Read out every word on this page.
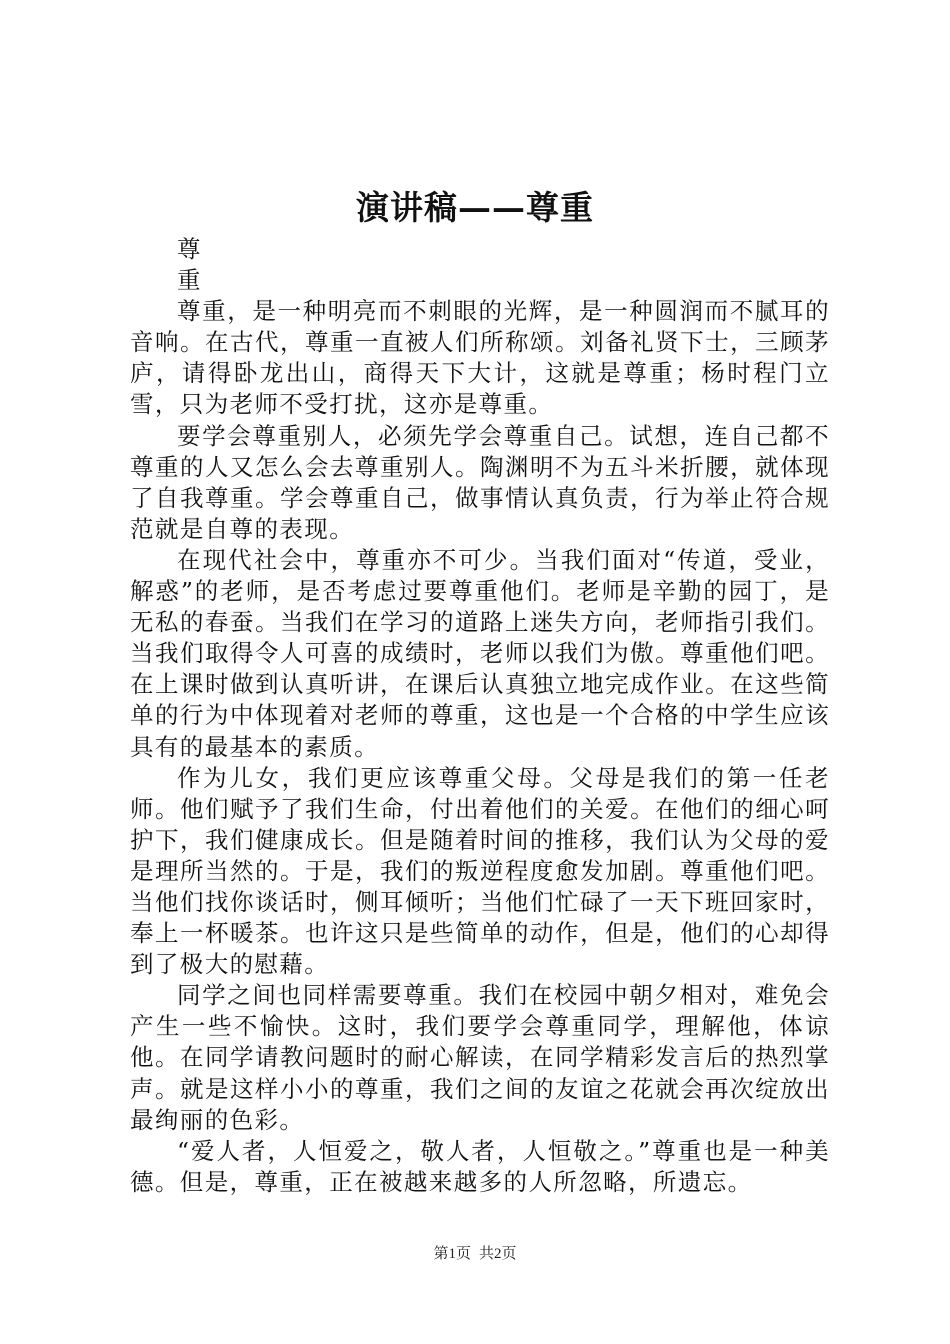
演讲稿——尊重

尊

重

尊重，是一种明亮而不刺眼的光辉，是一种圆润而不腻耳的音响。在古代，尊重一直被人们所称颂。刘备礼贤下士，三顾茅庐，请得卧龙出山，商得天下大计，这就是尊重；杨时程门立雪，只为老师不受打扰，这亦是尊重。

要学会尊重别人，必须先学会尊重自己。试想，连自己都不尊重的人又怎么会去尊重别人。陶渊明不为五斗米折腰，就体现了自我尊重。学会尊重自己，做事情认真负责，行为举止符合规范就是自尊的表现。

在现代社会中，尊重亦不可少。当我们面对“传道，受业，解惑”的老师，是否考虑过要尊重他们。老师是辛勤的园丁，是无私的春蚕。当我们在学习的道路上迷失方向，老师指引我们。当我们取得令人可喜的成绩时，老师以我们为傲。尊重他们吧。在上课时做到认真听讲，在课后认真独立地完成作业。在这些简单的行为中体现着对老师的尊重，这也是一个合格的中学生应该具有的最基本的素质。

作为儿女，我们更应该尊重父母。父母是我们的第一任老师。他们赋予了我们生命，付出着他们的关爱。在他们的细心呵护下，我们健康成长。但是随着时间的推移，我们认为父母的爱是理所当然的。于是，我们的叛逆程度愈发加剧。尊重他们吧。当他们找你谈话时，侧耳倾听；当他们忙碌了一天下班回家时，奉上一杯暖茶。也许这只是些简单的动作，但是，他们的心却得到了极大的慰藉。

同学之间也同样需要尊重。我们在校园中朝夕相对，难免会产生一些不愉快。这时，我们要学会尊重同学，理解他，体谅他。在同学请教问题时的耐心解读，在同学精彩发言后的热烈掌声。就是这样小小的尊重，我们之间的友谊之花就会再次绽放出最绚丽的色彩。

“爱人者，人恒爱之，敬人者，人恒敬之。”尊重也是一种美德。但是，尊重，正在被越来越多的人所忽略，所遗忘。

第1页 共2页
